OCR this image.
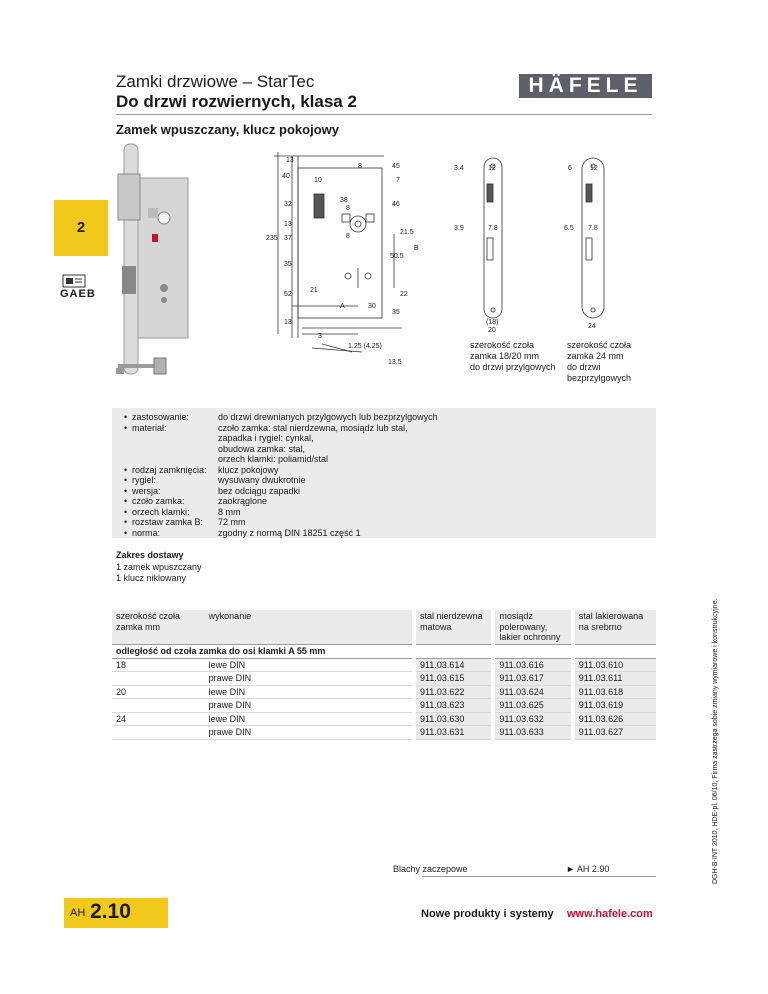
Zamki drzwiowe – StarTec
Do drzwi rozwiernych, klasa 2
HÄFELE
Zamek wpuszczany, klucz pokojowy
2
GAEB
13
8	45
40
10	7
32
38
8
46
13
21.5
235 37	8
B
50.5
35
52
21
22
A	30
35
13
3
1.25 (4.25)
13.5
3.4	12
3.9	7.8
(18)
20
6	12
6.5 7.8
24
szerokość czoła
zamka 18/20 mm
do drzwi przylgowych
szerokość czoła
zamka 24 mm
do drzwi
bezprzylgowych
• zastosowanie:	do drzwi drewnianych przylgowych lub bezprzylgowych
• materiał:	czoło zamka: stal nierdzewna, mosiądz lub stal,
zapadka i rygiel: cynkal,
obudowa zamka: stal,
orzech klamki: poliamid/stal
• rodzaj zamknięcia:	klucz pokojowy
• rygiel:	wysuwany dwukrotnie
• wersja:	bez odciągu zapadki
• czoło zamka:	zaokrąglone
• orzech klamki:	8 mm
• rozstaw zamka B:	72 mm
• norma:	zgodny z normą DIN 18251 część 1
Zakres dostawy
1 zamek wpuszczany
1 klucz niklowany
szerokość czoła zamka mm	wykonanie	stal nierdzewna matowa	mosiądz polerowany, lakier ochronny	stal lakierowana na srebrno
odległość od czoła zamka do osi klamki A 55 mm				
18	lewe DIN	911.03.614	911.03.616	911.03.610
	prawe DIN	911.03.615	911.03.617	911.03.611
20	lewe DIN	911.03.622	911.03.624	911.03.618
	prawe DIN	911.03.623	911.03.625	911.03.619
24	lewe DIN	911.03.630	911.03.632	911.03.626
	prawe DIN	911.03.631	911.03.633	911.03.627
Blachy zaczepowe	► AH 2.90
AH 2.10	Nowe produkty i systemy www.hafele.com
DGH-B-INT 2010, HDE-pl, 06/10; Firma zastrzega sobie zmiany wymiarowe i konstrukcyjne.
